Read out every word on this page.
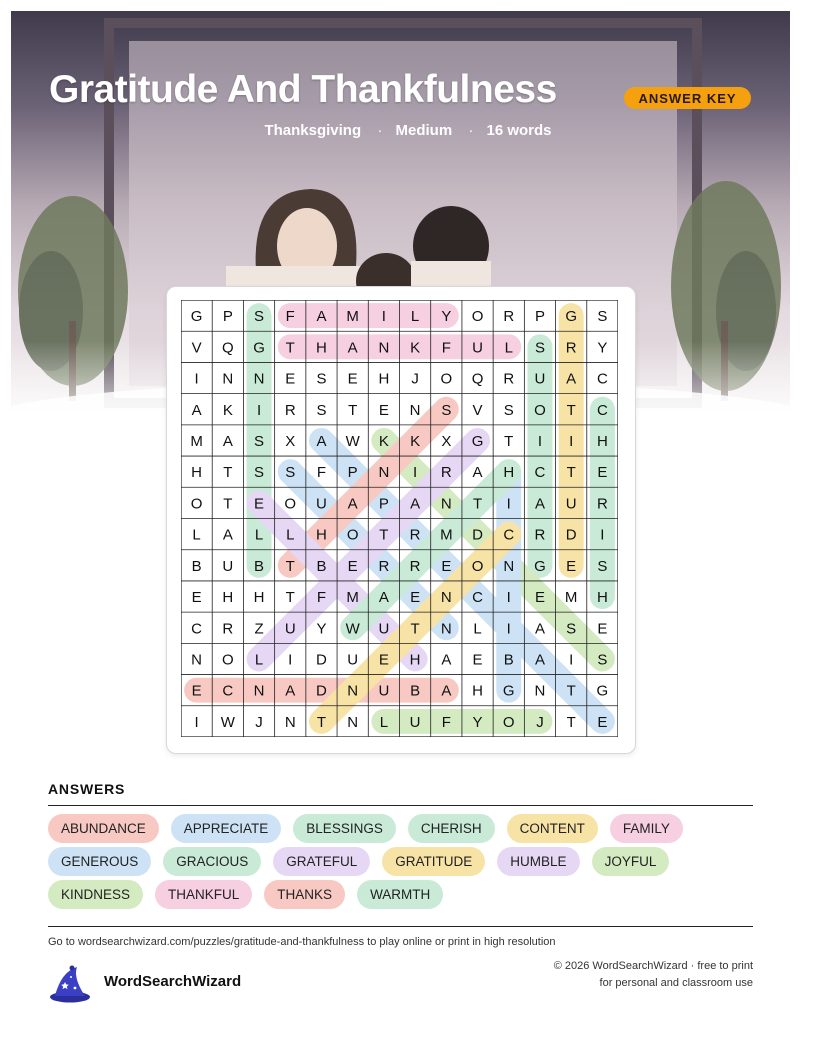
Gratitude And Thankfulness	ANSWER KEY
Thanksgiving · Medium · 16 words
G P S F A M I L Y O R P G S
V Q G T H A N K F U L S R Y
I N N E S E H J O Q R U A C
A K I R S T E N S V S O T C
M A S X A W K K X G T I I H
H T S S F P N I R A H C T E
O T E O U A P A N T I A U R
L A L L H O T R M D C R D I
B U B T B E R R E O N G E S
E H H T F M A E N C I E M H
C R Z U Y W U T N L I A S E
N O L I D U E H A E B A I S
E C N A D N U B A H G N T G
I W J N T N L U F Y O J T E
ANSWERS
ABUNDANCE	APPRECIATE	BLESSINGS	CHERISH	CONTENT	FAMILY
GENEROUS	GRACIOUS	GRATEFUL	GRATITUDE	HUMBLE	JOYFUL
KINDNESS	THANKFUL	THANKS	WARMTH
Go to wordsearchwizard.com/puzzles/gratitude-and-thankfulness to play online or print in high resolution
WordSearchWizard
© 2026 WordSearchWizard · free to print for personal and classroom use
